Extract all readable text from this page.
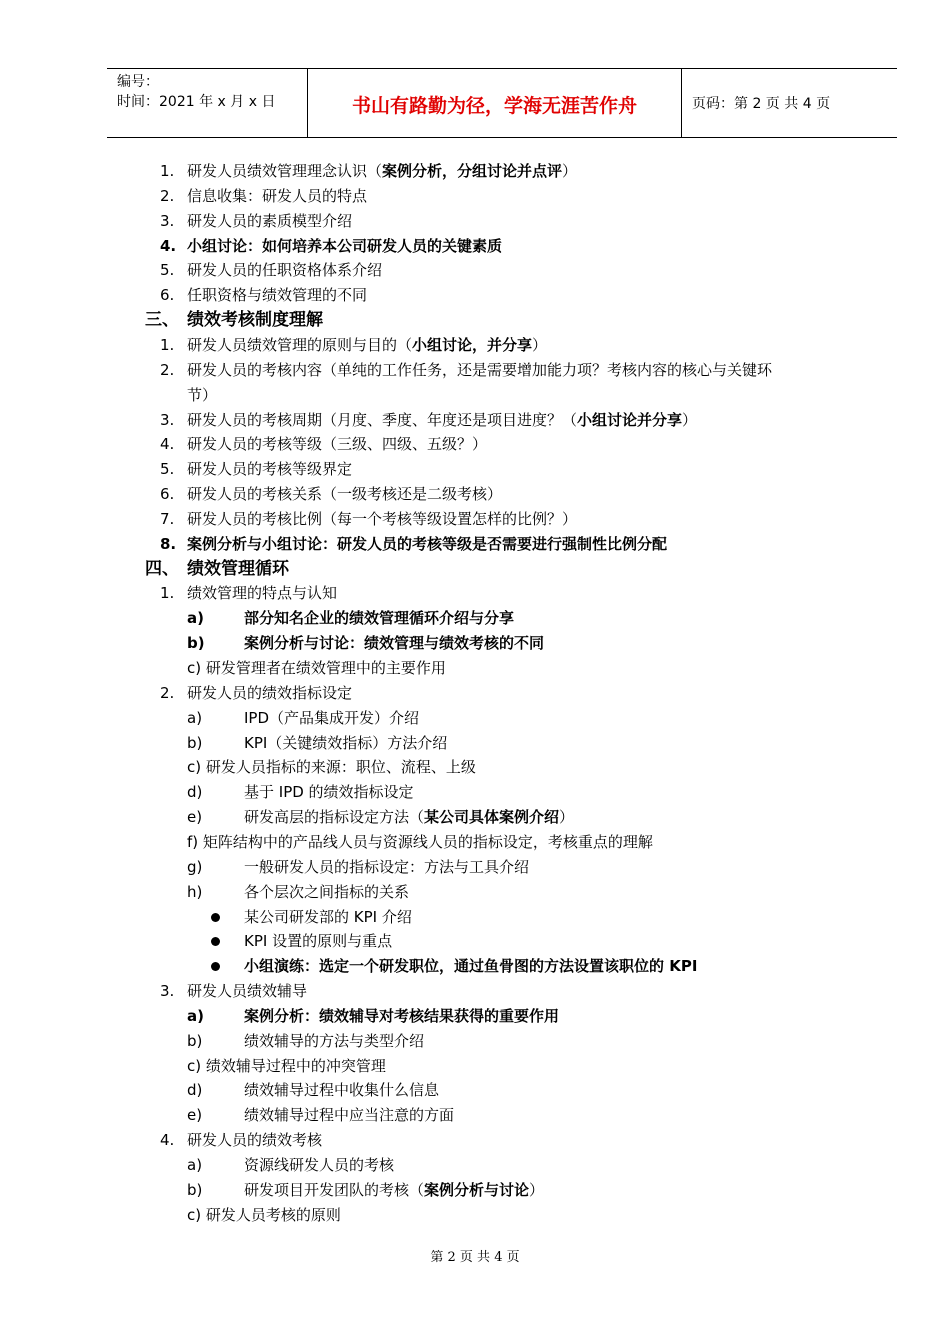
编号：
时间：2021 年 x 月 x 日	书山有路勤为径，学海无涯苦作舟	页码：第 2 页 共 4 页
1. 研发人员绩效管理理念认识（案例分析，分组讨论并点评）
2. 信息收集：研发人员的特点
3. 研发人员的素质模型介绍
4. 小组讨论：如何培养本公司研发人员的关键素质
5. 研发人员的任职资格体系介绍
6. 任职资格与绩效管理的不同
三、 绩效考核制度理解
1. 研发人员绩效管理的原则与目的（小组讨论，并分享）
2. 研发人员的考核内容（单纯的工作任务，还是需要增加能力项？考核内容的核心与关键环
节）
3. 研发人员的考核周期（月度、季度、年度还是项目进度？（小组讨论并分享）
4. 研发人员的考核等级（三级、四级、五级？）
5. 研发人员的考核等级界定
6. 研发人员的考核关系（一级考核还是二级考核）
7. 研发人员的考核比例（每一个考核等级设置怎样的比例？）
8. 案例分析与小组讨论：研发人员的考核等级是否需要进行强制性比例分配
四、 绩效管理循环
1. 绩效管理的特点与认知
a)	部分知名企业的绩效管理循环介绍与分享
b)	案例分析与讨论：绩效管理与绩效考核的不同
c) 研发管理者在绩效管理中的主要作用
2. 研发人员的绩效指标设定
a)	IPD（产品集成开发）介绍
b)	KPI（关键绩效指标）方法介绍
c) 研发人员指标的来源：职位、流程、上级
d)	基于 IPD 的绩效指标设定
e)	研发高层的指标设定方法（某公司具体案例介绍）
f) 矩阵结构中的产品线人员与资源线人员的指标设定，考核重点的理解
g)	一般研发人员的指标设定：方法与工具介绍
h)	各个层次之间指标的关系
某公司研发部的 KPI 介绍
KPI 设置的原则与重点
小组演练：选定一个研发职位，通过鱼骨图的方法设置该职位的 KPI
3. 研发人员绩效辅导
a)	案例分析：绩效辅导对考核结果获得的重要作用
b)	绩效辅导的方法与类型介绍
c) 绩效辅导过程中的冲突管理
d)	绩效辅导过程中收集什么信息
e)	绩效辅导过程中应当注意的方面
4. 研发人员的绩效考核
a)	资源线研发人员的考核
b)	研发项目开发团队的考核（案例分析与讨论）
c) 研发人员考核的原则
第 2 页 共 4 页
